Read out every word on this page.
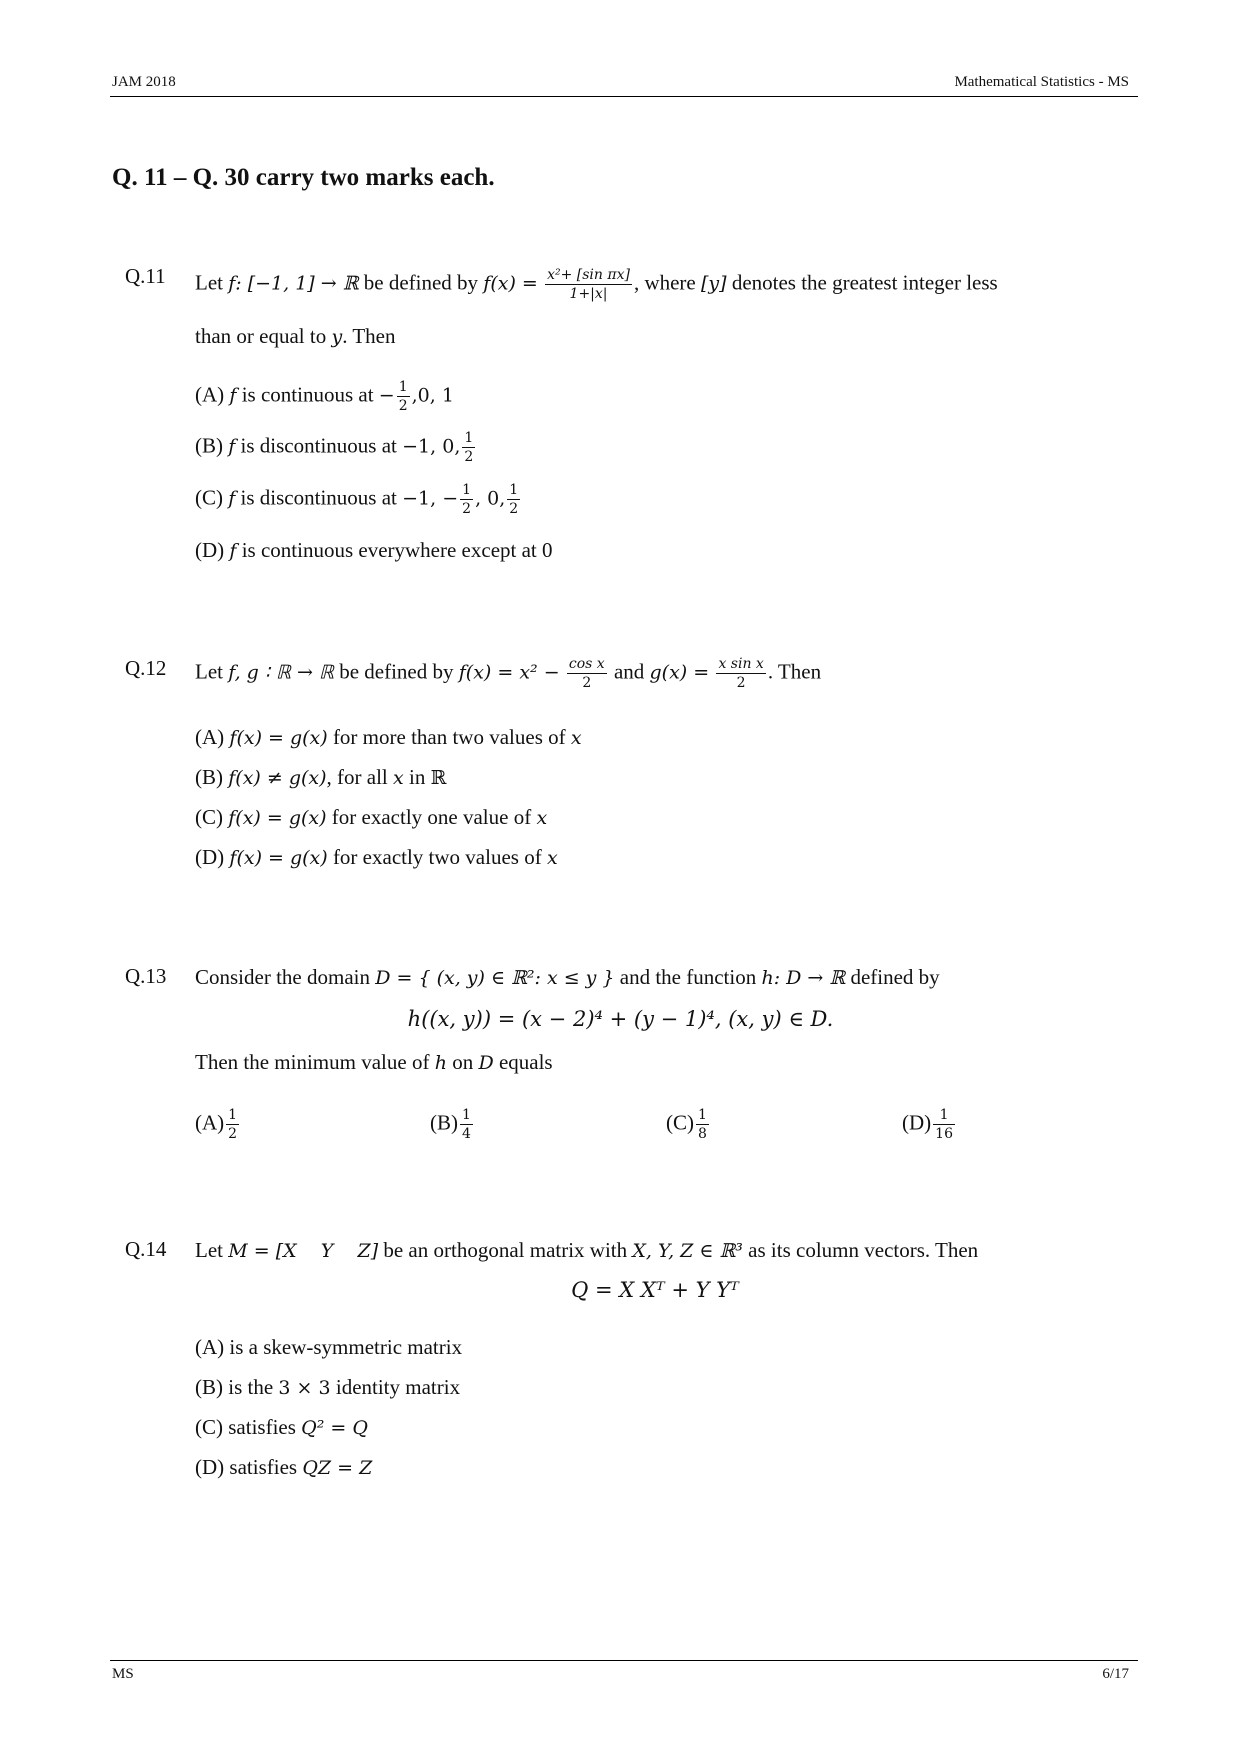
JAM 2018	Mathematical Statistics - MS
Q. 11 – Q. 30 carry two marks each.
Q.11 Let f: [−1, 1] → ℝ be defined by $f(x) = \frac{\text{x²+ [sin πx]}}{1+|x|}$ , where [y] denotes the greatest integer less
than or equal to y. Then
(A) f is continuous at − $\frac{1}{2} ,0$, 1
(B) f is discontinuous at −1, 0, $\frac{1}{2}$
(C) f is discontinuous at −1, − $\frac{1}{2}$ , 0, $\frac{1}{2}$
(D) f is continuous everywhere except at 0
Q.12 Let f, g ∶ ℝ → ℝ be defined by $f(x) = x^2 - \frac{\text{cos x}}{2}$ and $g(x) = \frac{\text{x sin x}}{2}$ . Then
(A) f(x) = g(x) for more than two values of x
(B) f(x) ≠ g(x), for all x in ℝ
(C) f(x) = g(x) for exactly one value of x
(D) f(x) = g(x) for exactly two values of x
Q.13 Consider the domain D = { (x, y) ∈ ℝ²: x ≤ y } and the function h: D → ℝ defined by
h((x, y)) = (x − 2)⁴ + (y − 1)⁴, (x, y) ∈ D.
Then the minimum value of h on D equals
$(A) \frac{1}{2}$	$(B) \frac{1}{4}$	$(C) \frac{1}{8}$	$(D) \frac{1}{16}$
Q.14 Let M = [X    Y    Z] be an orthogonal matrix with X, Y, Z ∈ ℝ³ as its column vectors. Then
Q = X Xᵀ + Y Yᵀ
(A) is a skew-symmetric matrix
(B) is the 3 × 3 identity matrix
(C) satisfies Q² = Q
(D) satisfies QZ = Z
MS	6/17
